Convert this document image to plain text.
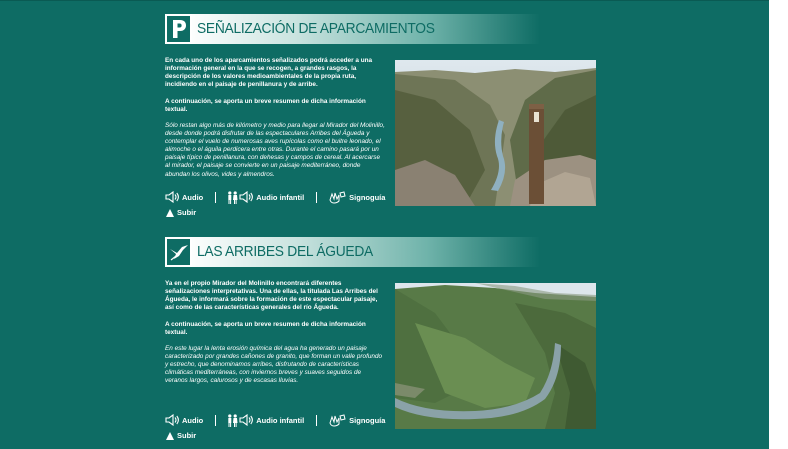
SEÑALIZACIÓN DE APARCAMIENTOS

En cada uno de los aparcamientos señalizados podrá acceder a una información general en la que se recogen, a grandes rasgos, la descripción de los valores medioambientales de la propia ruta, incidiendo en el paisaje de penillanura y de arribe.

A continuación, se aporta un breve resumen de dicha información textual.

Sólo restan algo más de kilómetro y medio para llegar al Mirador del Molinillo, desde donde podrá disfrutar de las espectaculares Arribes del Águeda y contemplar el vuelo de numerosas aves rupícolas como el buitre leonado, el alimoche o el águila perdicera entre otras. Durante el camino pasará por un paisaje típico de penillanura, con dehesas y campos de cereal. Al acercarse al mirador, el paisaje se convierte en un paisaje mediterráneo, donde abundan los olivos, vides y almendros.

Audio	Audio infantil	Signoguía
Subir
LAS ARRIBES DEL ÁGUEDA

Ya en el propio Mirador del Molinillo encontrará diferentes señalizaciones interpretativas. Una de ellas, la titulada Las Arribes del Águeda, le informará sobre la formación de este espectacular paisaje, así como de las características generales del río Águeda.

A continuación, se aporta un breve resumen de dicha información textual.

En este lugar la lenta erosión química del agua ha generado un paisaje caracterizado por grandes cañones de granito, que forman un valle profundo y estrecho, que denominamos arribes, disfrutando de características climáticas mediterráneas, con inviernos breves y suaves seguidos de veranos largos, calurosos y de escasas lluvias.

Audio	Audio infantil	Signoguía
Subir
